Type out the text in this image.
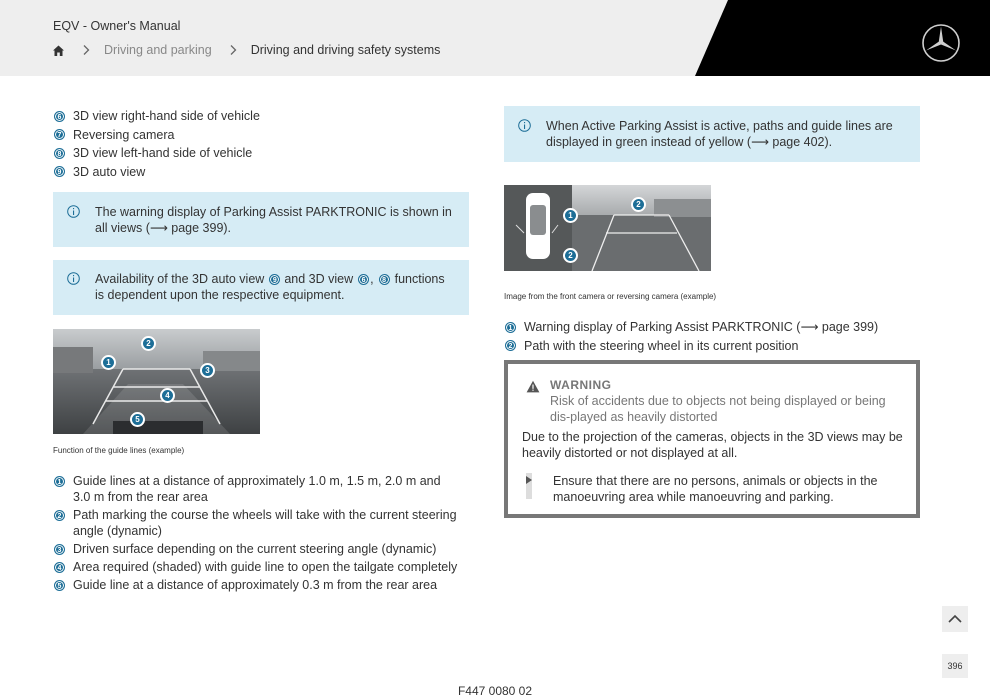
EQV - Owner's Manual
Driving and parking	Driving and driving safety systems
6 3D view right-hand side of vehicle
7 Reversing camera
8 3D view left-hand side of vehicle
9 3D auto view
The warning display of Parking Assist PARKTRONIC is shown in
all views (⟶ page 399).
Availability of the 3D auto view	9 and 3D view	6 ,	8 functions
is dependent upon the respective equipment.
2
1
3
4
5
Function of the guide lines (example)
1 Guide lines at a distance of approximately 1.0 m, 1.5 m, 2.0 m and 3.0 m from the rear area
2 Path marking the course the wheels will take with the current steering angle (dynamic)
3 Driven surface depending on the current steering angle (dynamic)
4 Area required (shaded) with guide line to open the tailgate completely
5 Guide line at a distance of approximately 0.3 m from the rear area
When Active Parking Assist is active, paths and guide lines are
displayed in green instead of yellow (⟶ page 402).
1
2
2
Image from the front camera or reversing camera (example)
1 Warning display of Parking Assist PARKTRONIC (⟶ page 399)
2 Path with the steering wheel in its current position
WARNING
Risk of accidents due to objects not being displayed or being dis-played as heavily distorted
Due to the projection of the cameras, objects in the 3D views may be heavily distorted or not displayed at all.
Ensure that there are no persons, animals or objects in the manoeuvring area while manoeuvring and parking.
396
F447 0080 02
